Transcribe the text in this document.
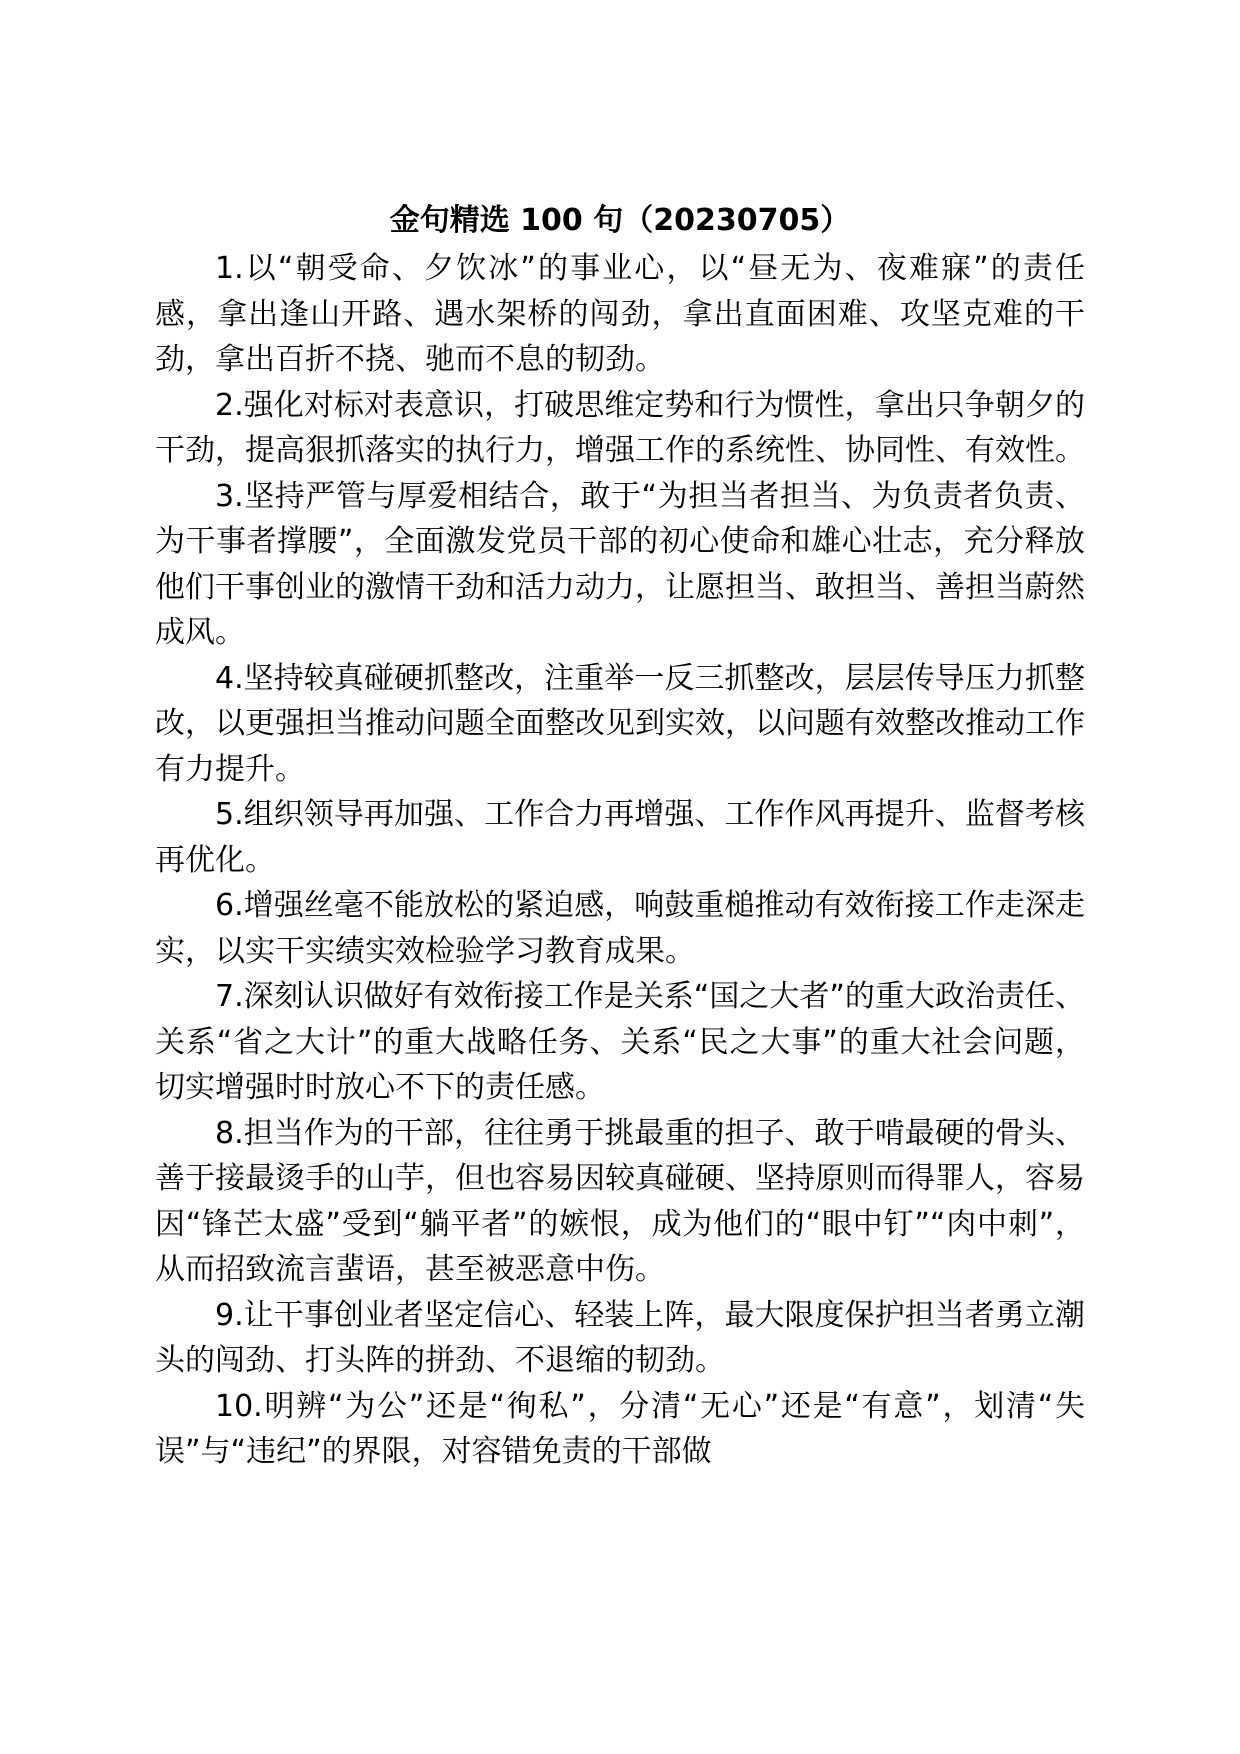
金句精选 100 句（20230705）

1.以“朝受命、夕饮冰”的事业心，以“昼无为、夜难寐”的责任感，拿出逢山开路、遇水架桥的闯劲，拿出直面困难、攻坚克难的干劲，拿出百折不挠、驰而不息的韧劲。

2.强化对标对表意识，打破思维定势和行为惯性，拿出只争朝夕的干劲，提高狠抓落实的执行力，增强工作的系统性、协同性、有效性。

3.坚持严管与厚爱相结合，敢于“为担当者担当、为负责者负责、为干事者撑腰”，全面激发党员干部的初心使命和雄心壮志，充分释放他们干事创业的激情干劲和活力动力，让愿担当、敢担当、善担当蔚然成风。

4.坚持较真碰硬抓整改，注重举一反三抓整改，层层传导压力抓整改，以更强担当推动问题全面整改见到实效，以问题有效整改推动工作有力提升。

5.组织领导再加强、工作合力再增强、工作作风再提升、监督考核再优化。

6.增强丝毫不能放松的紧迫感，响鼓重槌推动有效衔接工作走深走实，以实干实绩实效检验学习教育成果。

7.深刻认识做好有效衔接工作是关系“国之大者”的重大政治责任、关系“省之大计”的重大战略任务、关系“民之大事”的重大社会问题，切实增强时时放心不下的责任感。

8.担当作为的干部，往往勇于挑最重的担子、敢于啃最硬的骨头、善于接最烫手的山芋，但也容易因较真碰硬、坚持原则而得罪人，容易因“锋芒太盛”受到“躺平者”的嫉恨，成为他们的“眼中钉”“肉中刺”，从而招致流言蜚语，甚至被恶意中伤。

9.让干事创业者坚定信心、轻装上阵，最大限度保护担当者勇立潮头的闯劲、打头阵的拼劲、不退缩的韧劲。

10.明辨“为公”还是“徇私”，分清“无心”还是“有意”，划清“失误”与“违纪”的界限，对容错免责的干部做
